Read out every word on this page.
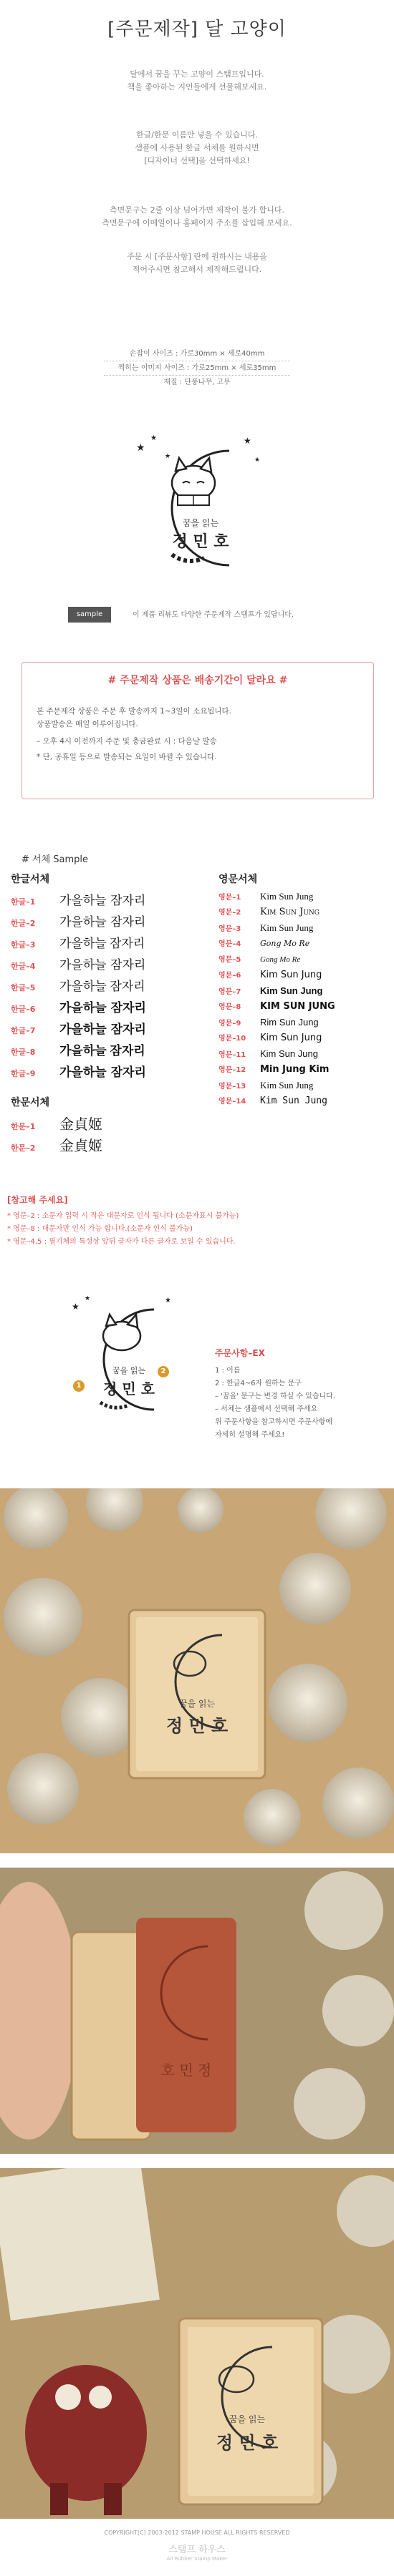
[주문제작] 달 고양이
달에서 꿈을 꾸는 고양이 스탬프입니다.
책을 좋아하는 지인들에게 선물해보세요.
한글/한문 이름만 넣을 수 있습니다.
샘플에 사용된 한글 서체를 원하시면
[디자이너 선택]을 선택하세요!
측면문구는 2줄 이상 넘어가면 제작이 불가 합니다.
측면문구에 이메일이나 홈페이지 주소를 삽입해 보세요.
주문 시 [주문사항] 란에 원하시는 내용을
적어주시면 참고해서 제작해드립니다.
손잡이 사이즈 : 가로30mm × 세로40mm
찍히는 이미지 사이즈 : 가로25mm × 세로35mm
재질 : 단풍나무, 고무
★
★
★
★
★
꿈을 읽는
정 민 호
sample	이 제품 리뷰도 다양한 주문제작 스탬프가 있답니다.
# 주문제작 상품은 배송기간이 달라요 #
본 주문제작 상품은 주문 후 발송까지 1~3일이 소요됩니다.
상품발송은 매일 이루어집니다.
– 오후 4시 이전까지 주문 및 충금완료 시 : 다음날 발송
* 단, 공휴일 등으로 발송되는 요일이 바뀔 수 있습니다.
# 서체 Sample
한글서체
한글–1 가을하늘 잠자리
한글–2 가을하늘 잠자리
한글–3 가을하늘 잠자리
한글–4 가을하늘 잠자리
한글–5 가을하늘 잠자리
한글–6 가을하늘 잠자리
한글–7 가을하늘 잠자리
한글–8 가을하늘 잠자리
한글–9 가을하늘 잠자리
영문서체
영문–1 Kim Sun Jung
영문–2 Kim Sun Jung
영문–3 Kim Sun Jung
영문–4 Gong Mo Re
영문–5 Gong Mo Re
영문–6 Kim Sun Jung
영문–7 Kim Sun Jung
영문–8 KIM SUN JUNG
영문–9 Rim Sun Jung
영문–10 Kim Sun Jung
영문–11 Kim Sun Jung
영문–12 Min Jung Kim
영문–13 Kim Sun Jung
영문–14 Kim Sun Jung
한문서체
한문–1 金貞姬
한문–2 金貞姬
[참고해 주세요]
* 영문–2 : 소문자 입력 시 작은 대문자로 인식 됩니다 (소문자표시 불가능)
* 영문–8 : 대문자만 인식 가능 합니다.(소문자 인식 불가능)
* 영문–4,5 : 필기체의 특성상 앞뒤 글자가 다른 글자로 보일 수 있습니다.
★
★	★
꿈을 읽는
정 민 호
2
1
주문사항–EX
1 : 이름
2 : 한글4~6자 원하는 문구
– '꿈을' 문구는 변경 하실 수 있습니다.
– 서체는 샘플에서 선택해 주세요
위 주문사항을 참고하시면 주문사항에
자세히 설명해 주세요!
꿈을 읽는
정 민 호
호 민 정
꿈을 읽는
정 민 호
COPYRIGHT(C) 2003-2012 STAMP HOUSE ALL RIGHTS RESERVED
스탬프 하우스
All Rubber Stamp Maker
